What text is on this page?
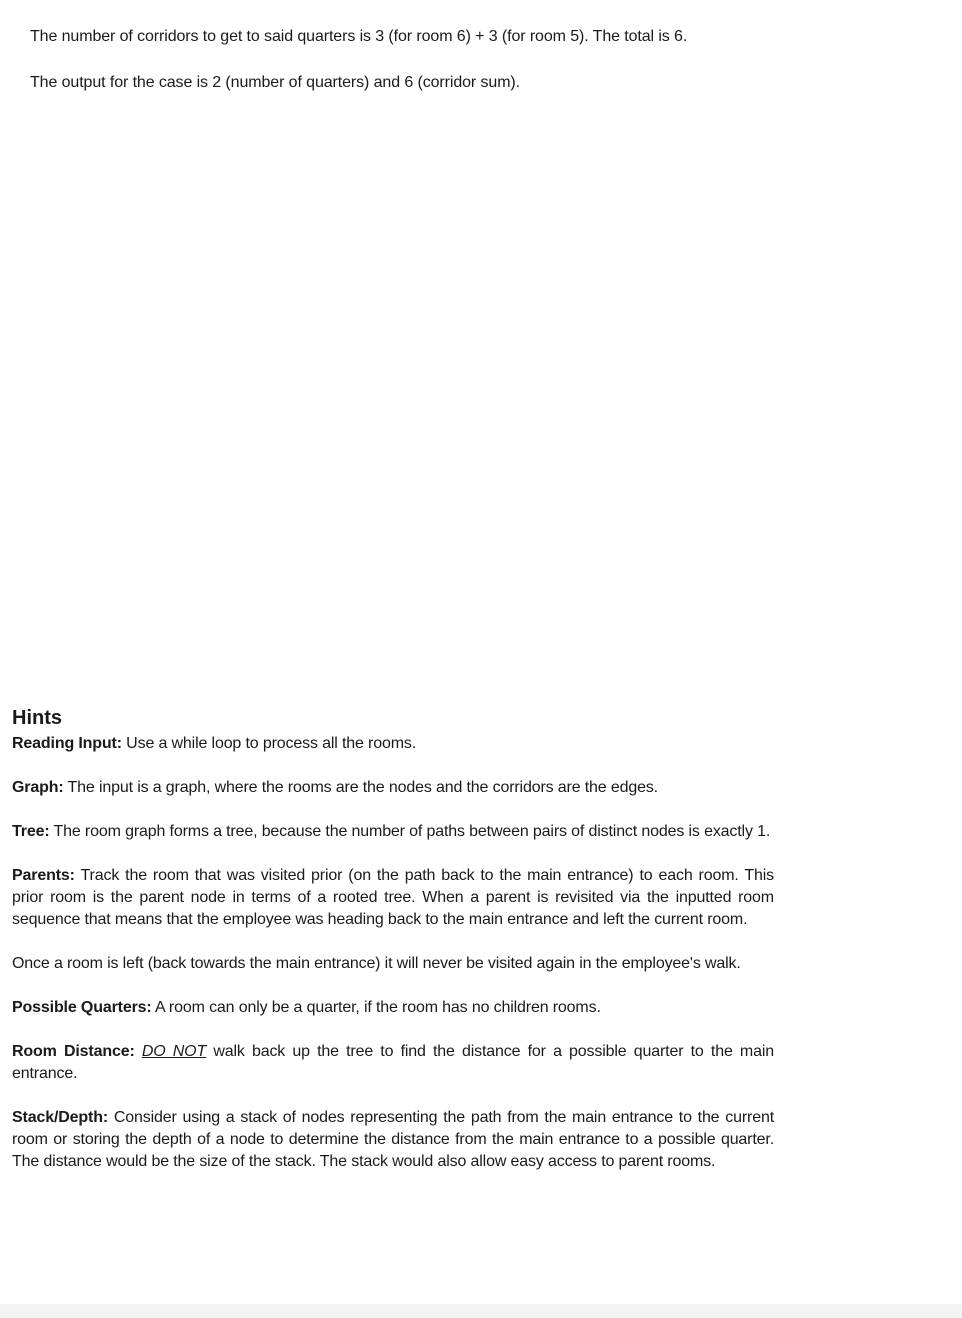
The number of corridors to get to said quarters is 3 (for room 6) + 3 (for room 5). The total is 6.

The output for the case is 2 (number of quarters) and 6 (corridor sum).

Hints

Reading Input: Use a while loop to process all the rooms.

Graph: The input is a graph, where the rooms are the nodes and the corridors are the edges.

Tree: The room graph forms a tree, because the number of paths between pairs of distinct nodes is exactly 1.

Parents: Track the room that was visited prior (on the path back to the main entrance) to each room. This prior room is the parent node in terms of a rooted tree. When a parent is revisited via the inputted room sequence that means that the employee was heading back to the main entrance and left the current room.

Once a room is left (back towards the main entrance) it will never be visited again in the employee's walk.

Possible Quarters: A room can only be a quarter, if the room has no children rooms.

Room Distance: DO NOT walk back up the tree to find the distance for a possible quarter to the main entrance.

Stack/Depth: Consider using a stack of nodes representing the path from the main entrance to the current room or storing the depth of a node to determine the distance from the main entrance to a possible quarter. The distance would be the size of the stack. The stack would also allow easy access to parent rooms.
